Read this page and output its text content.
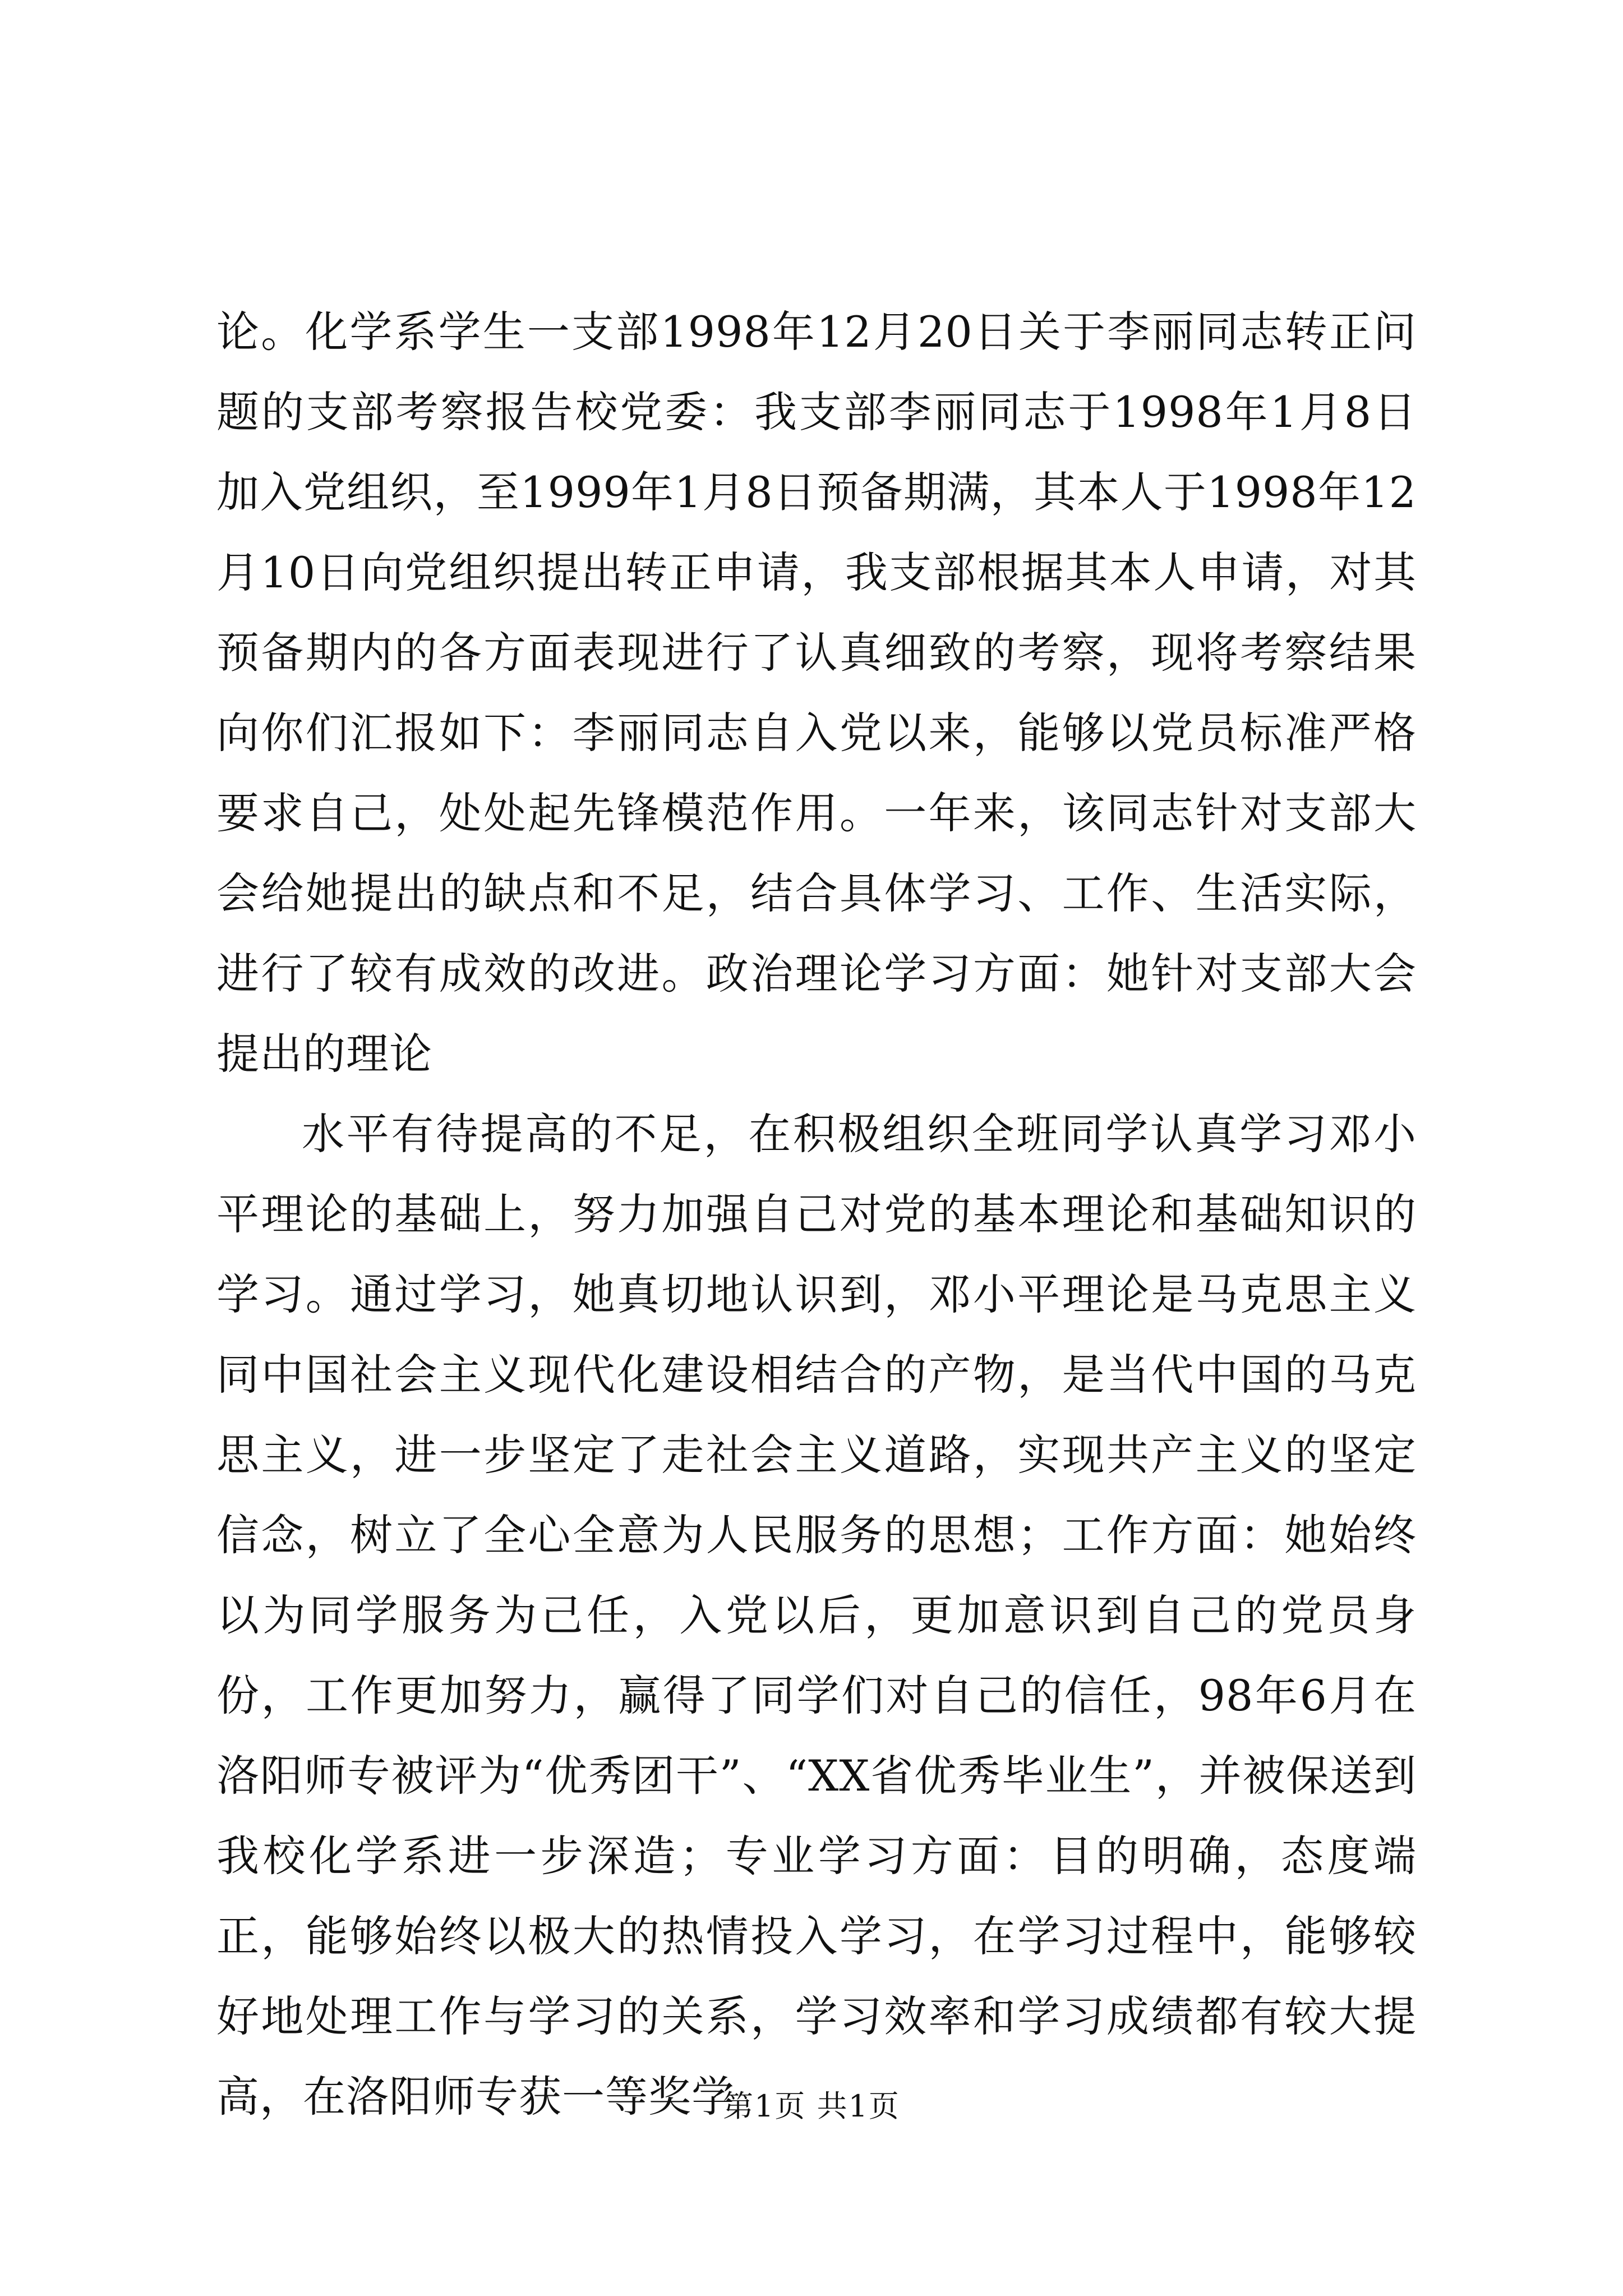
论。化学系学生一支部1998年12月20日关于李丽同志转正问题的支部考察报告校党委：我支部李丽同志于1998年1月8日加入党组织，至1999年1月8日预备期满，其本人于1998年12月10日向党组织提出转正申请，我支部根据其本人申请，对其预备期内的各方面表现进行了认真细致的考察，现将考察结果向你们汇报如下：李丽同志自入党以来，能够以党员标准严格要求自己，处处起先锋模范作用。一年来，该同志针对支部大会给她提出的缺点和不足，结合具体学习、工作、生活实际，进行了较有成效的改进。政治理论学习方面：她针对支部大会提出的理论

水平有待提高的不足，在积极组织全班同学认真学习邓小平理论的基础上，努力加强自己对党的基本理论和基础知识的学习。通过学习，她真切地认识到，邓小平理论是马克思主义同中国社会主义现代化建设相结合的产物，是当代中国的马克思主义，进一步坚定了走社会主义道路，实现共产主义的坚定信念，树立了全心全意为人民服务的思想；工作方面：她始终以为同学服务为己任，入党以后，更加意识到自己的党员身份，工作更加努力，赢得了同学们对自己的信任，98年6月在洛阳师专被评为“优秀团干”、“XX省优秀毕业生”，并被保送到我校化学系进一步深造；专业学习方面：目的明确，态度端正，能够始终以极大的热情投入学习，在学习过程中，能够较好地处理工作与学习的关系，学习效率和学习成绩都有较大提高，在洛阳师专获一等奖学

第1页 共1页
